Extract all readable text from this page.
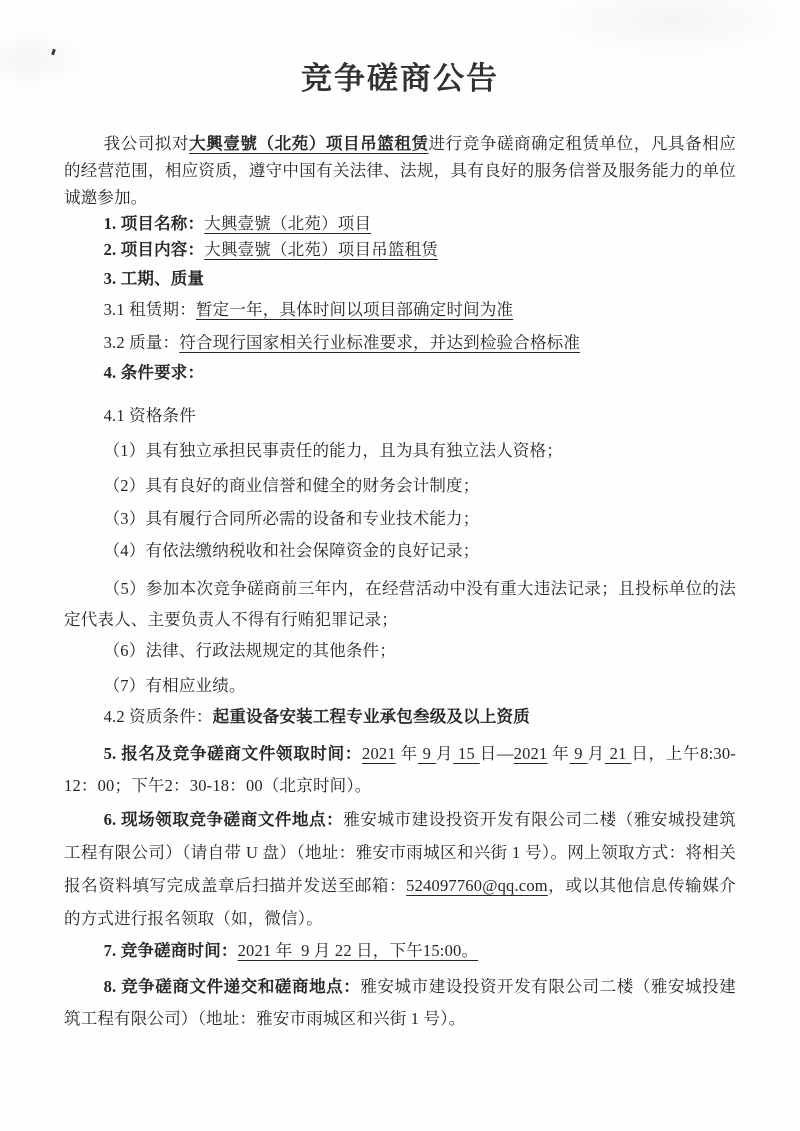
竞争磋商公告

我公司拟对大興壹號（北苑）项目吊篮租赁进行竞争磋商确定租赁单位，凡具备相应的经营范围，相应资质，遵守中国有关法律、法规，具有良好的服务信誉及服务能力的单位诚邀参加。

1. 项目名称：大興壹號（北苑）项目

2. 项目内容：大興壹號（北苑）项目吊篮租赁

3. 工期、质量

3.1 租赁期：暂定一年，具体时间以项目部确定时间为准

3.2 质量：符合现行国家相关行业标准要求，并达到检验合格标准

4. 条件要求：

4.1 资格条件

（1）具有独立承担民事责任的能力，且为具有独立法人资格；

（2）具有良好的商业信誉和健全的财务会计制度；

（3）具有履行合同所必需的设备和专业技术能力；

（4）有依法缴纳税收和社会保障资金的良好记录；

（5）参加本次竞争磋商前三年内，在经营活动中没有重大违法记录；且投标单位的法定代表人、主要负责人不得有行贿犯罪记录；

（6）法律、行政法规规定的其他条件；

（7）有相应业绩。

4.2 资质条件：起重设备安装工程专业承包叁级及以上资质

5. 报名及竞争磋商文件领取时间：2021 年 9 月 15 日—2021 年 9 月 21 日，上午8:30-12：00；下午2：30-18：00（北京时间）。

6. 现场领取竞争磋商文件地点：雅安城市建设投资开发有限公司二楼（雅安城投建筑工程有限公司）（请自带 U 盘）（地址：雅安市雨城区和兴街 1 号）。网上领取方式：将相关报名资料填写完成盖章后扫描并发送至邮箱：524097760@qq.com，或以其他信息传输媒介的方式进行报名领取（如，微信）。

7. 竞争磋商时间：2021 年  9 月 22 日，下午15:00。

8. 竞争磋商文件递交和磋商地点：雅安城市建设投资开发有限公司二楼（雅安城投建筑工程有限公司）（地址：雅安市雨城区和兴街 1 号）。
